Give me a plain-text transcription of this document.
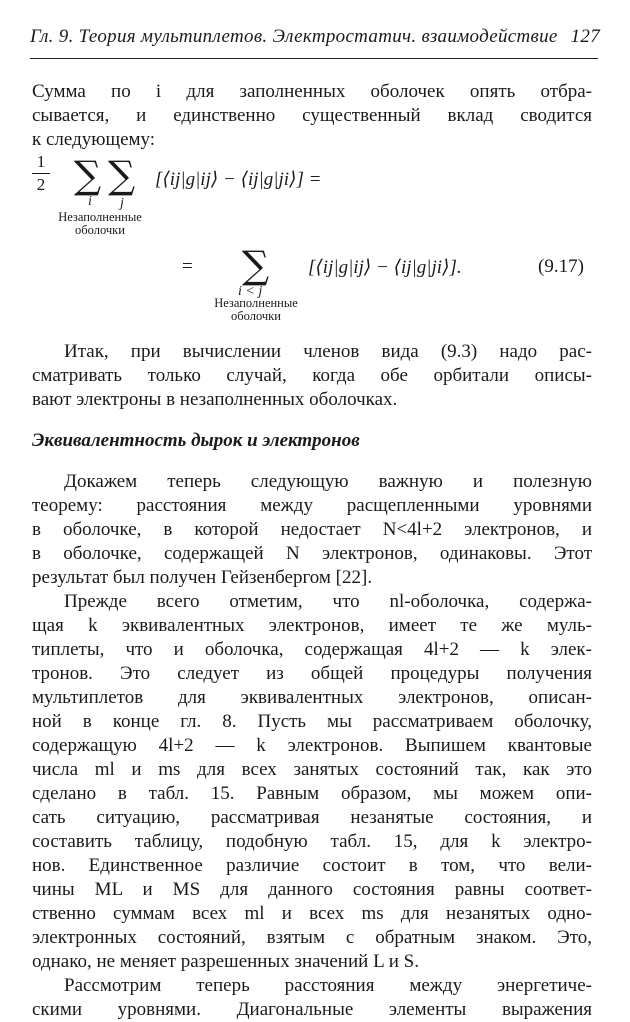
Гл. 9. Теория мультиплетов. Электростатич. взаимодействие 127
Сумма по i для заполненных оболочек опять отбра-
сывается, и единственно существенный вклад сводится
к следующему:
1
2 ∑ ∑
i j
Незаполненные
оболочки
[⟨ij|g|ij⟩ − ⟨ij|g|ji⟩] =
= ∑
i < j
Незаполненные
оболочки
[⟨ij|g|ij⟩ − ⟨ij|g|ji⟩].	(9.17)
Итак, при вычислении членов вида (9.3) надо рас-
сматривать только случай, когда обе орбитали описы-
вают электроны в незаполненных оболочках.
Эквивалентность дырок и электронов
Докажем теперь следующую важную и полезную
теорему: расстояния между расщепленными уровнями
в оболочке, в которой недостает N<4l+2 электронов, и
в оболочке, содержащей N электронов, одинаковы. Этот
результат был получен Гейзенбергом [22].
Прежде всего отметим, что nl-оболочка, содержа-
щая k эквивалентных электронов, имеет те же муль-
типлеты, что и оболочка, содержащая 4l+2 — k элек-
тронов. Это следует из общей процедуры получения
мультиплетов для эквивалентных электронов, описан-
ной в конце гл. 8. Пусть мы рассматриваем оболочку,
содержащую 4l+2 — k электронов. Выпишем квантовые
числа ml и ms для всех занятых состояний так, как это
сделано в табл. 15. Равным образом, мы можем опи-
сать ситуацию, рассматривая незанятые состояния, и
составить таблицу, подобную табл. 15, для k электро-
нов. Единственное различие состоит в том, что вели-
чины ML и MS для данного состояния равны соответ-
ственно суммам всех ml и всех ms для незанятых одно-
электронных состояний, взятым с обратным знаком. Это,
однако, не меняет разрешенных значений L и S.
Рассмотрим теперь расстояния между энергетиче-
скими уровнями. Диагональные элементы выражения
